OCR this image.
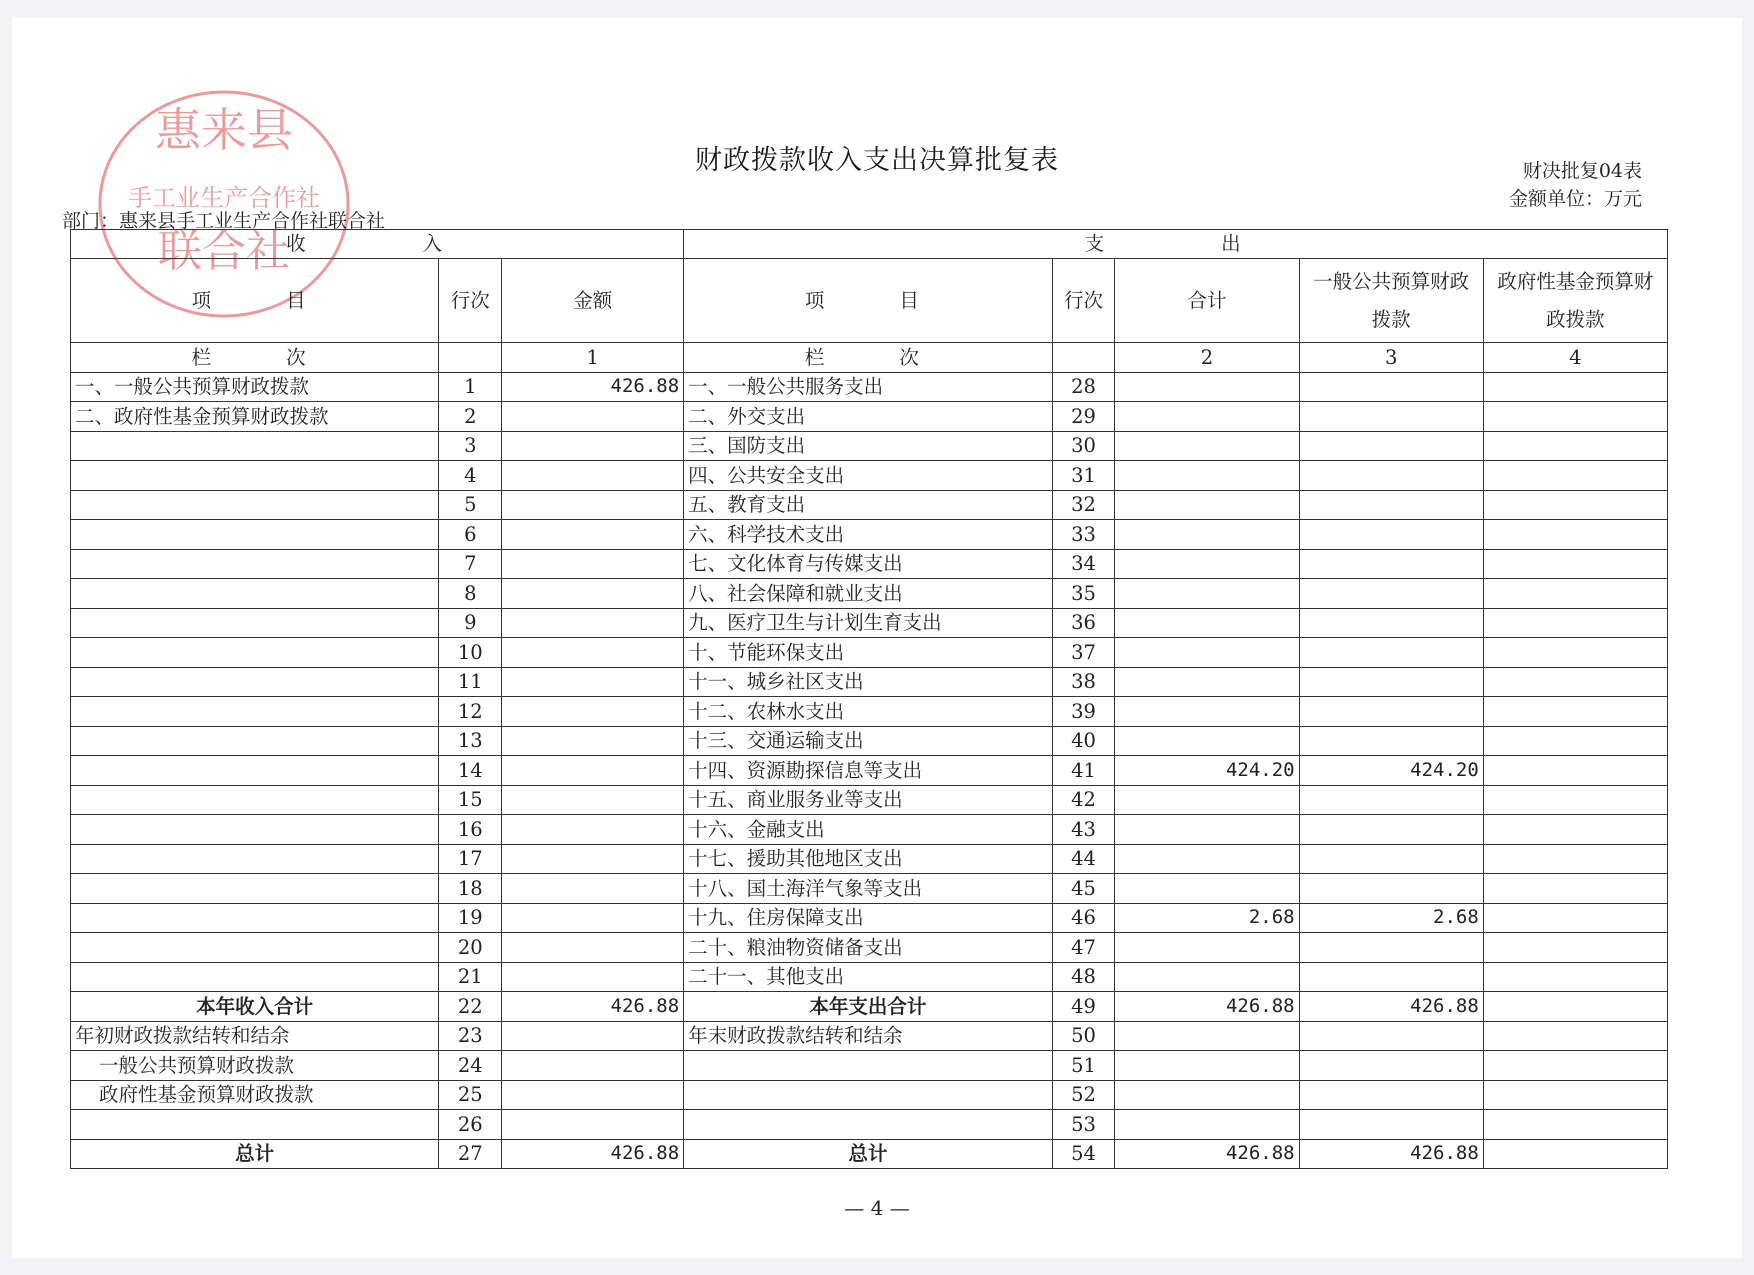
惠来县
手工业生产合作社
联合社
财政拨款收入支出决算批复表	财决批复04表
金额单位：万元
部门：惠来县手工业生产合作社联合社
收　　入			支　　出				
项　　目	行次	金额	项　　目	行次	合计	一般公共预算财政拨款	政府性基金预算财政拨款
栏　　次		1	栏　　次		2	3	4
一、一般公共预算财政拨款	1	426.88	一、一般公共服务支出	28			
二、政府性基金预算财政拨款	2		二、外交支出	29			
	3		三、国防支出	30			
	4		四、公共安全支出	31			
	5		五、教育支出	32			
	6		六、科学技术支出	33			
	7		七、文化体育与传媒支出	34			
	8		八、社会保障和就业支出	35			
	9		九、医疗卫生与计划生育支出	36			
	10		十、节能环保支出	37			
	11		十一、城乡社区支出	38			
	12		十二、农林水支出	39			
	13		十三、交通运输支出	40			
	14		十四、资源勘探信息等支出	41	424.20	424.20	
	15		十五、商业服务业等支出	42			
	16		十六、金融支出	43			
	17		十七、援助其他地区支出	44			
	18		十八、国土海洋气象等支出	45			
	19		十九、住房保障支出	46	2.68	2.68	
	20		二十、粮油物资储备支出	47			
	21		二十一、其他支出	48			
本年收入合计	22	426.88	本年支出合计	49	426.88	426.88	
年初财政拨款结转和结余	23		年末财政拨款结转和结余	50			
一般公共预算财政拨款	24			51			
政府性基金预算财政拨款	25			52			
	26			53			
总计	27	426.88	总计	54	426.88	426.88	
— 4 —
